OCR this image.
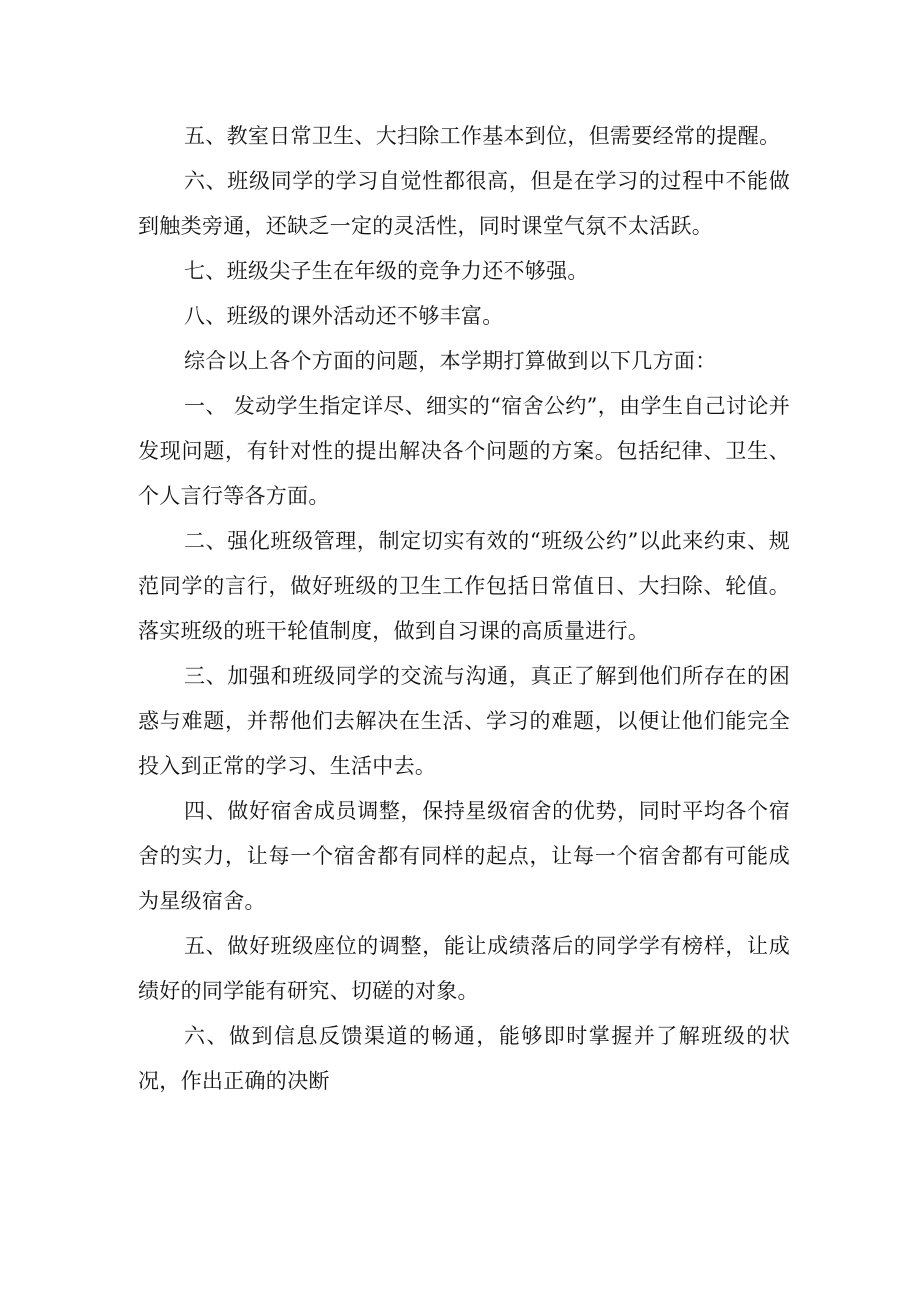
五、教室日常卫生、大扫除工作基本到位，但需要经常的提醒。

六、班级同学的学习自觉性都很高，但是在学习的过程中不能做到触类旁通，还缺乏一定的灵活性，同时课堂气氛不太活跃。

七、班级尖子生在年级的竞争力还不够强。

八、班级的课外活动还不够丰富。

综合以上各个方面的问题，本学期打算做到以下几方面：

一、 发动学生指定详尽、细实的“宿舍公约”，由学生自己讨论并发现问题，有针对性的提出解决各个问题的方案。包括纪律、卫生、个人言行等各方面。

二、强化班级管理，制定切实有效的“班级公约”以此来约束、规范同学的言行，做好班级的卫生工作包括日常值日、大扫除、轮值。落实班级的班干轮值制度，做到自习课的高质量进行。

三、加强和班级同学的交流与沟通，真正了解到他们所存在的困惑与难题，并帮他们去解决在生活、学习的难题，以便让他们能完全投入到正常的学习、生活中去。

四、做好宿舍成员调整，保持星级宿舍的优势，同时平均各个宿舍的实力，让每一个宿舍都有同样的起点，让每一个宿舍都有可能成为星级宿舍。

五、做好班级座位的调整，能让成绩落后的同学学有榜样，让成绩好的同学能有研究、切磋的对象。

六、做到信息反馈渠道的畅通，能够即时掌握并了解班级的状况，作出正确的决断
